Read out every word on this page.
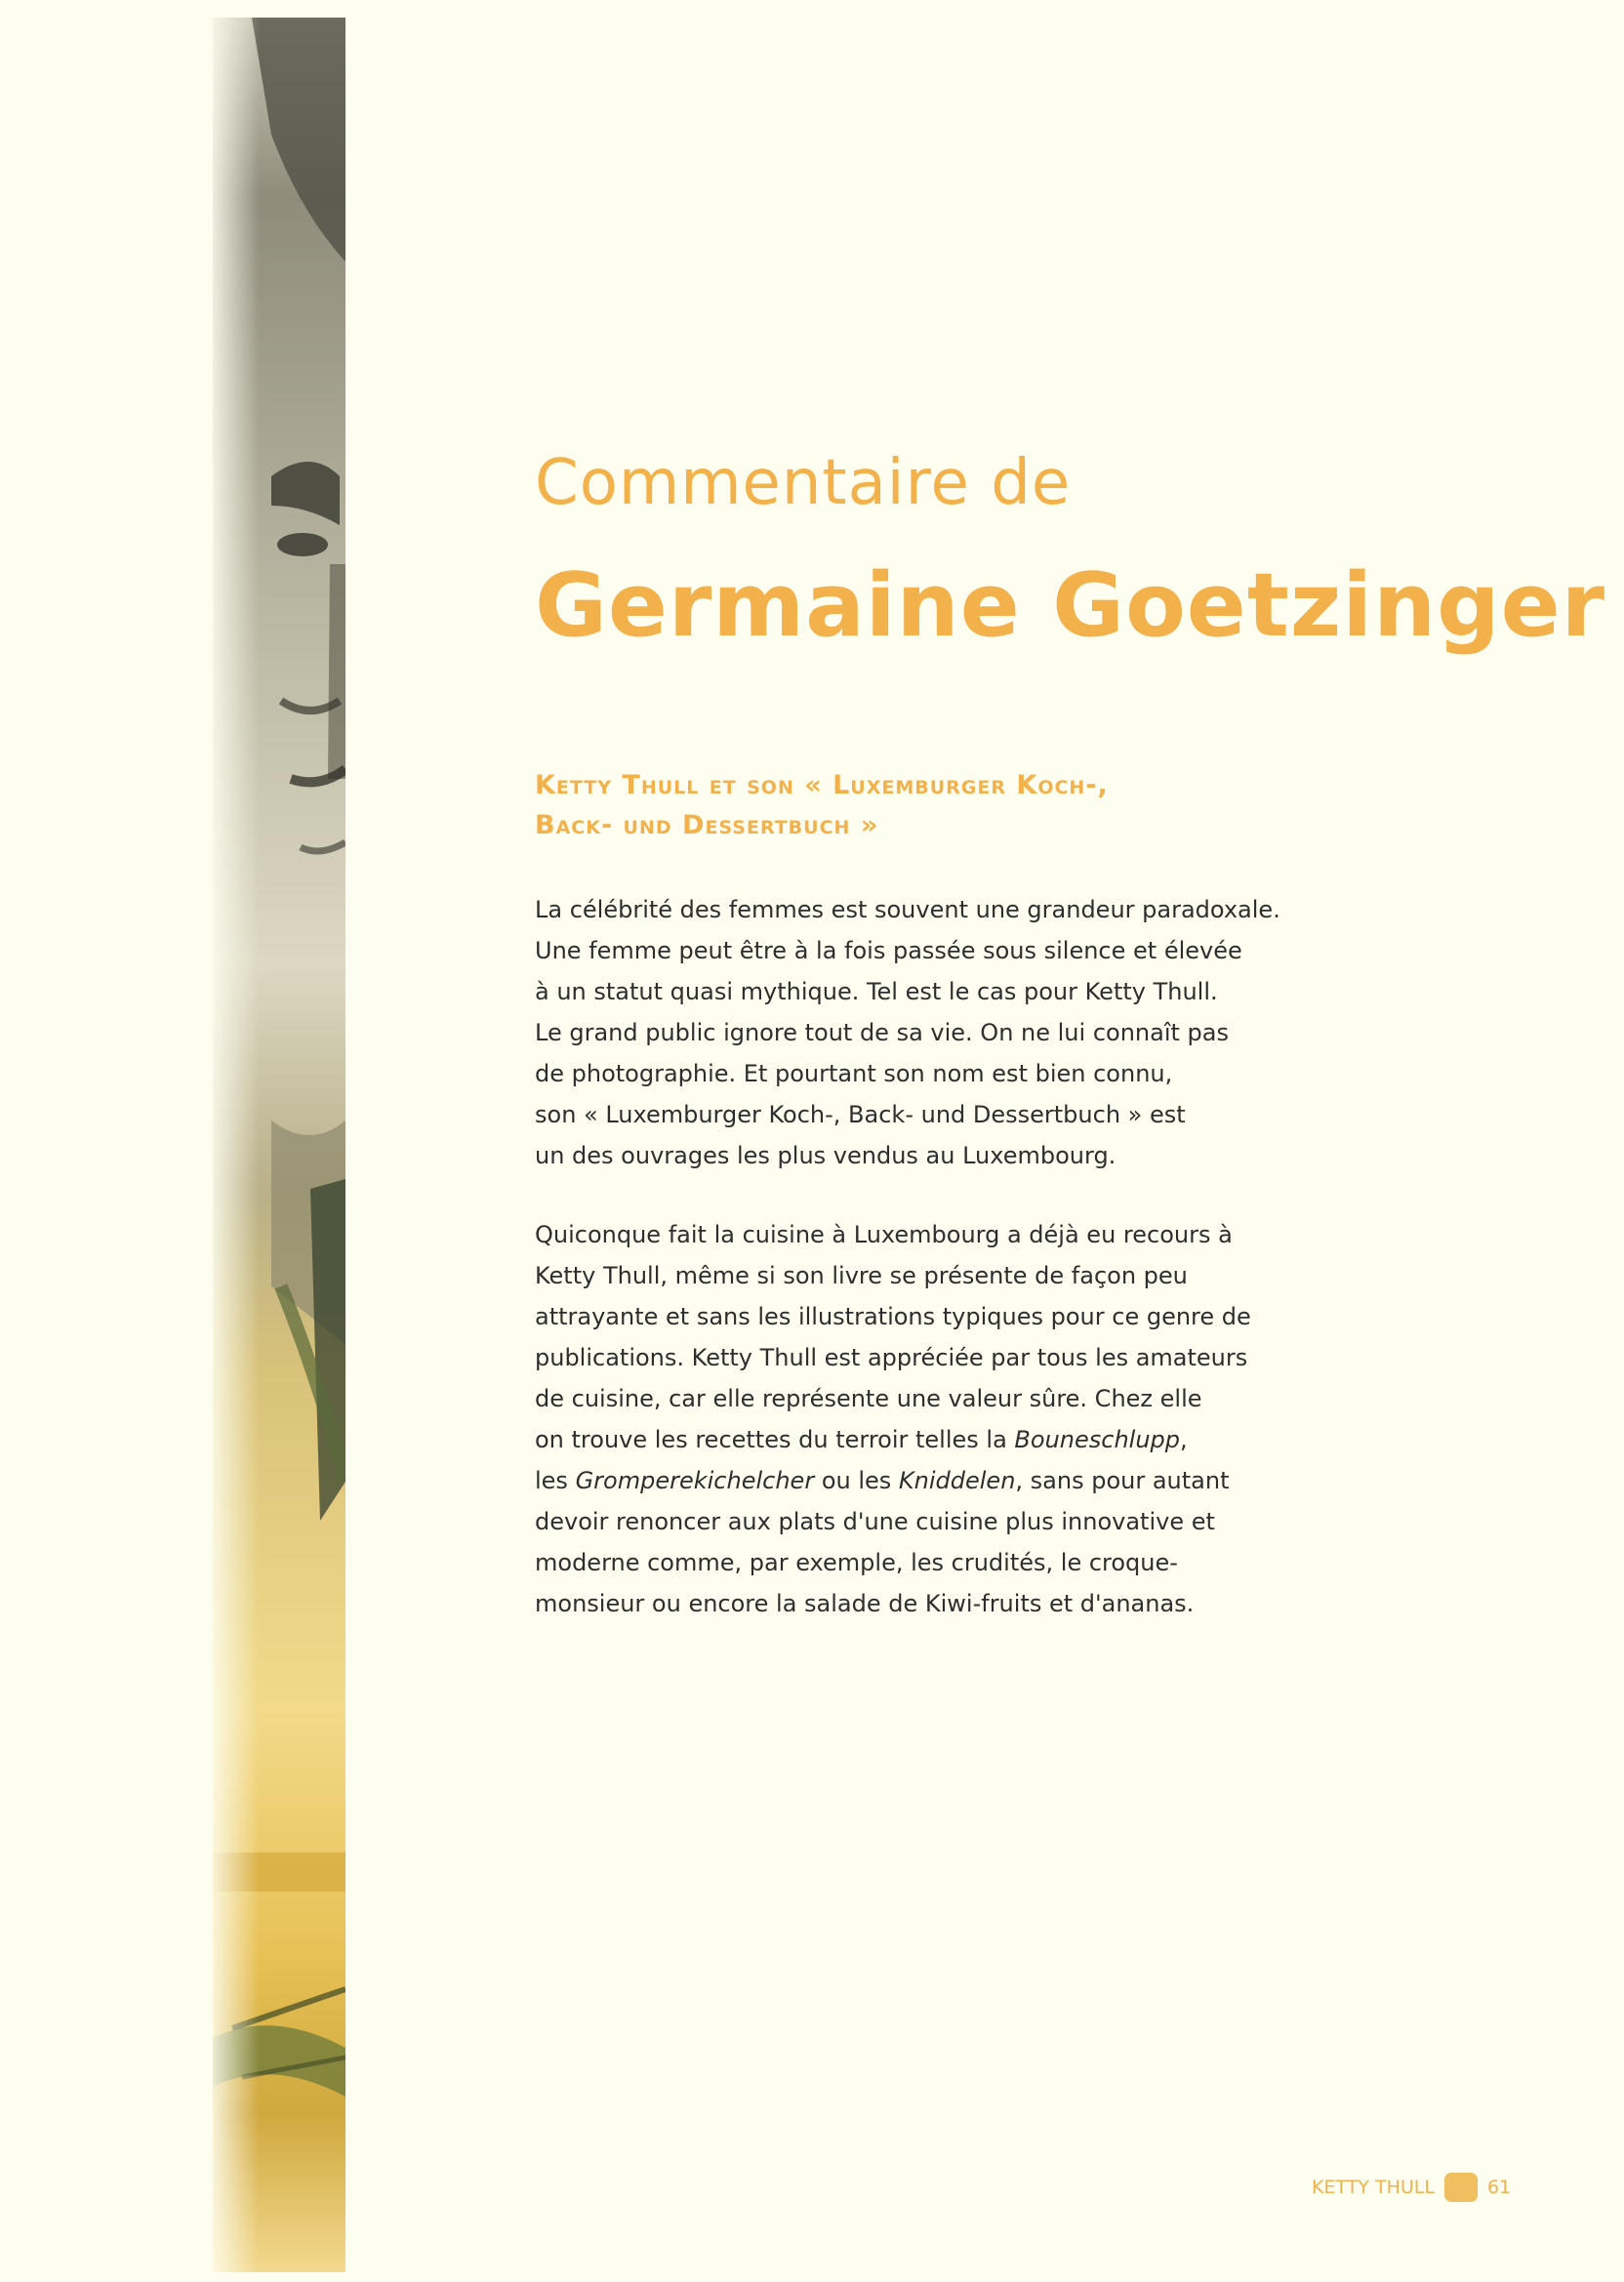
Commentaire de
Germaine Goetzinger
Ketty Thull et son « Luxemburger Koch-,
Back- und Dessertbuch »

La célébrité des femmes est souvent une grandeur paradoxale.
Une femme peut être à la fois passée sous silence et élevée
à un statut quasi mythique. Tel est le cas pour Ketty Thull.
Le grand public ignore tout de sa vie. On ne lui connaît pas
de photographie. Et pourtant son nom est bien connu,
son « Luxemburger Koch-, Back- und Dessertbuch » est
un des ouvrages les plus vendus au Luxembourg.

Quiconque fait la cuisine à Luxembourg a déjà eu recours à
Ketty Thull, même si son livre se présente de façon peu
attrayante et sans les illustrations typiques pour ce genre de
publications. Ketty Thull est appréciée par tous les amateurs
de cuisine, car elle représente une valeur sûre. Chez elle
on trouve les recettes du terroir telles la Bouneschlupp,
les Gromperekichelcher ou les Kniddelen, sans pour autant
devoir renoncer aux plats d'une cuisine plus innovative et
moderne comme, par exemple, les crudités, le croque-
monsieur ou encore la salade de Kiwi-fruits et d'ananas.

KETTY THULL	61
